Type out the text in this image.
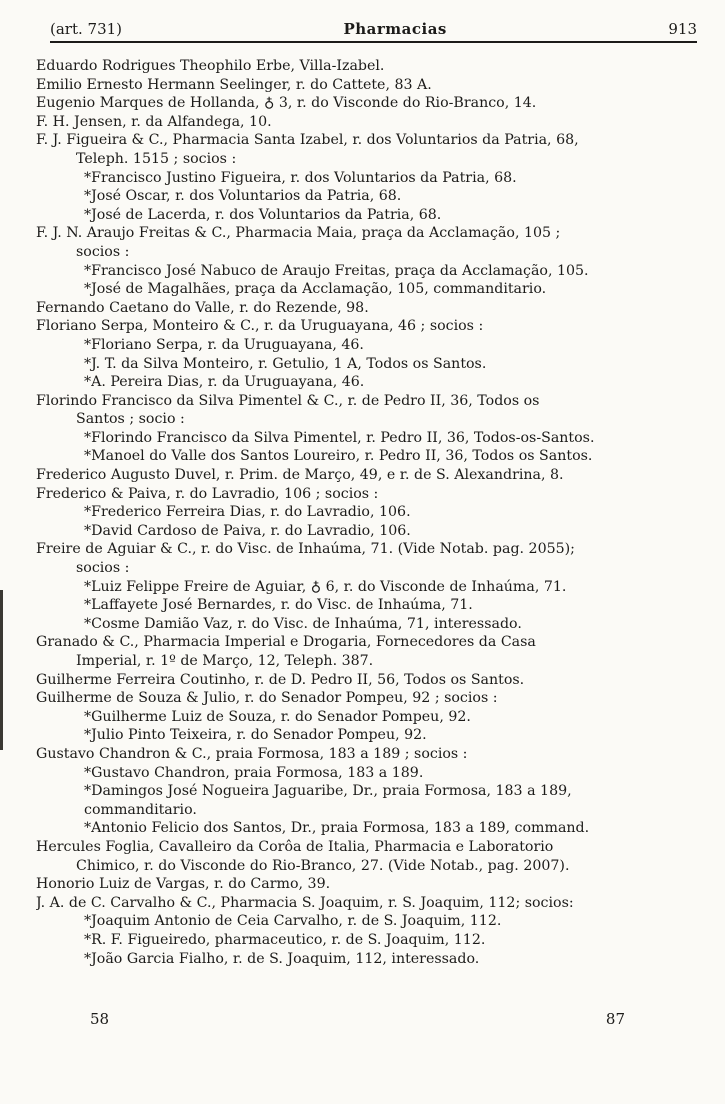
(art. 731)	Pharmacias	913
Eduardo Rodrigues Theophilo Erbe, Villa-Izabel.
Emilio Ernesto Hermann Seelinger, r. do Cattete, 83 A.
Eugenio Marques de Hollanda, ♁ 3, r. do Visconde do Rio-Branco, 14.
F. H. Jensen, r. da Alfandega, 10.
F. J. Figueira & C., Pharmacia Santa Izabel, r. dos Voluntarios da Patria, 68,
Teleph. 1515 ; socios :
*Francisco Justino Figueira, r. dos Voluntarios da Patria, 68.
*José Oscar, r. dos Voluntarios da Patria, 68.
*José de Lacerda, r. dos Voluntarios da Patria, 68.
F. J. N. Araujo Freitas & C., Pharmacia Maia, praça da Acclamação, 105 ;
socios :
*Francisco José Nabuco de Araujo Freitas, praça da Acclamação, 105.
*José de Magalhães, praça da Acclamação, 105, commanditario.
Fernando Caetano do Valle, r. do Rezende, 98.
Floriano Serpa, Monteiro & C., r. da Uruguayana, 46 ; socios :
*Floriano Serpa, r. da Uruguayana, 46.
*J. T. da Silva Monteiro, r. Getulio, 1 A, Todos os Santos.
*A. Pereira Dias, r. da Uruguayana, 46.
Florindo Francisco da Silva Pimentel & C., r. de Pedro II, 36, Todos os
Santos ; socio :
*Florindo Francisco da Silva Pimentel, r. Pedro II, 36, Todos-os-Santos.
*Manoel do Valle dos Santos Loureiro, r. Pedro II, 36, Todos os Santos.
Frederico Augusto Duvel, r. Prim. de Março, 49, e r. de S. Alexandrina, 8.
Frederico & Paiva, r. do Lavradio, 106 ; socios :
*Frederico Ferreira Dias, r. do Lavradio, 106.
*David Cardoso de Paiva, r. do Lavradio, 106.
Freire de Aguiar & C., r. do Visc. de Inhaúma, 71. (Vide Notab. pag. 2055);
socios :
*Luiz Felippe Freire de Aguiar, ♁ 6, r. do Visconde de Inhaúma, 71.
*Laffayete José Bernardes, r. do Visc. de Inhaúma, 71.
*Cosme Damião Vaz, r. do Visc. de Inhaúma, 71, interessado.
Granado & C., Pharmacia Imperial e Drogaria, Fornecedores da Casa
Imperial, r. 1º de Março, 12, Teleph. 387.
Guilherme Ferreira Coutinho, r. de D. Pedro II, 56, Todos os Santos.
Guilherme de Souza & Julio, r. do Senador Pompeu, 92 ; socios :
*Guilherme Luiz de Souza, r. do Senador Pompeu, 92.
*Julio Pinto Teixeira, r. do Senador Pompeu, 92.
Gustavo Chandron & C., praia Formosa, 183 a 189 ; socios :
*Gustavo Chandron, praia Formosa, 183 a 189.
*Damingos José Nogueira Jaguaribe, Dr., praia Formosa, 183 a 189,
commanditario.
*Antonio Felicio dos Santos, Dr., praia Formosa, 183 a 189, command.
Hercules Foglia, Cavalleiro da Corôa de Italia, Pharmacia e Laboratorio
Chimico, r. do Visconde do Rio-Branco, 27. (Vide Notab., pag. 2007).
Honorio Luiz de Vargas, r. do Carmo, 39.
J. A. de C. Carvalho & C., Pharmacia S. Joaquim, r. S. Joaquim, 112; socios:
*Joaquim Antonio de Ceia Carvalho, r. de S. Joaquim, 112.
*R. F. Figueiredo, pharmaceutico, r. de S. Joaquim, 112.
*João Garcia Fialho, r. de S. Joaquim, 112, interessado.
58	87
